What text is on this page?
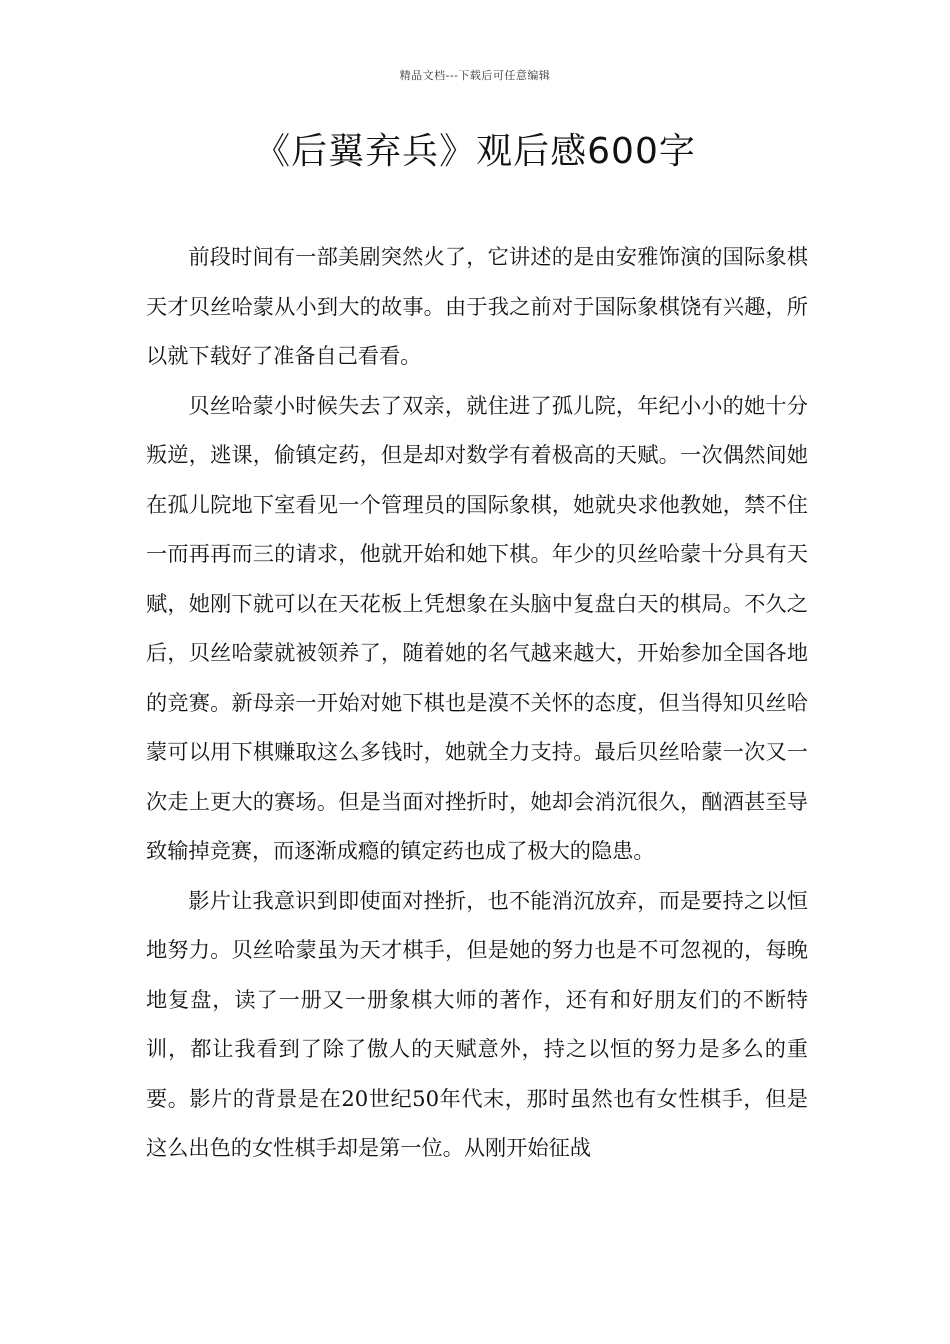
精品文档---下载后可任意编辑
《后翼弃兵》观后感600字

前段时间有一部美剧突然火了，它讲述的是由安雅饰演的国际象棋天才贝丝哈蒙从小到大的故事。由于我之前对于国际象棋饶有兴趣，所以就下载好了准备自己看看。

贝丝哈蒙小时候失去了双亲，就住进了孤儿院，年纪小小的她十分叛逆，逃课，偷镇定药，但是却对数学有着极高的天赋。一次偶然间她在孤儿院地下室看见一个管理员的国际象棋，她就央求他教她，禁不住一而再再而三的请求，他就开始和她下棋。年少的贝丝哈蒙十分具有天赋，她刚下就可以在天花板上凭想象在头脑中复盘白天的棋局。不久之后，贝丝哈蒙就被领养了，随着她的名气越来越大，开始参加全国各地的竞赛。新母亲一开始对她下棋也是漠不关怀的态度，但当得知贝丝哈蒙可以用下棋赚取这么多钱时，她就全力支持。最后贝丝哈蒙一次又一次走上更大的赛场。但是当面对挫折时，她却会消沉很久，酗酒甚至导致输掉竞赛，而逐渐成瘾的镇定药也成了极大的隐患。

影片让我意识到即使面对挫折，也不能消沉放弃，而是要持之以恒地努力。贝丝哈蒙虽为天才棋手，但是她的努力也是不可忽视的，每晚地复盘，读了一册又一册象棋大师的著作，还有和好朋友们的不断特训，都让我看到了除了傲人的天赋意外，持之以恒的努力是多么的重要。影片的背景是在20世纪50年代末，那时虽然也有女性棋手，但是这么出色的女性棋手却是第一位。从刚开始征战
